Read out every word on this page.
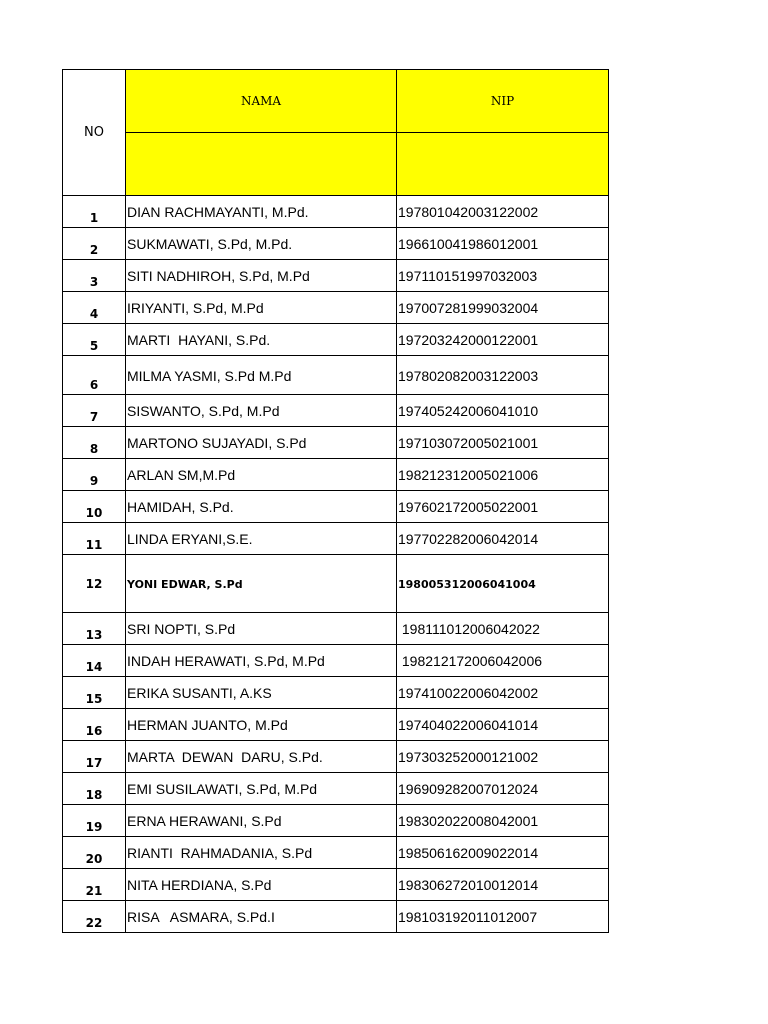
NO	NAMA	NIP

1	DIAN RACHMAYANTI, M.Pd.	197801042003122002
2	SUKMAWATI, S.Pd, M.Pd.	196610041986012001
3	SITI NADHIROH, S.Pd, M.Pd	197110151997032003
4	IRIYANTI, S.Pd, M.Pd	197007281999032004
5	MARTI  HAYANI, S.Pd.	197203242000122001
6	MILMA YASMI, S.Pd M.Pd	197802082003122003
7	SISWANTO, S.Pd, M.Pd	197405242006041010
8	MARTONO SUJAYADI, S.Pd	197103072005021001
9	ARLAN SM,M.Pd	198212312005021006
10	HAMIDAH, S.Pd.	197602172005022001
11	LINDA ERYANI,S.E.	197702282006042014
12	YONI EDWAR, S.Pd	198005312006041004
13	SRI NOPTI, S.Pd	198111012006042022
14	INDAH HERAWATI, S.Pd, M.Pd	198212172006042006
15	ERIKA SUSANTI, A.KS	197410022006042002
16	HERMAN JUANTO, M.Pd	197404022006041014
17	MARTA  DEWAN  DARU, S.Pd.	197303252000121002
18	EMI SUSILAWATI, S.Pd, M.Pd	196909282007012024
19	ERNA HERAWANI, S.Pd	198302022008042001
20	RIANTI  RAHMADANIA, S.Pd	198506162009022014
21	NITA HERDIANA, S.Pd	198306272010012014
22	RISA   ASMARA, S.Pd.I	198103192011012007
